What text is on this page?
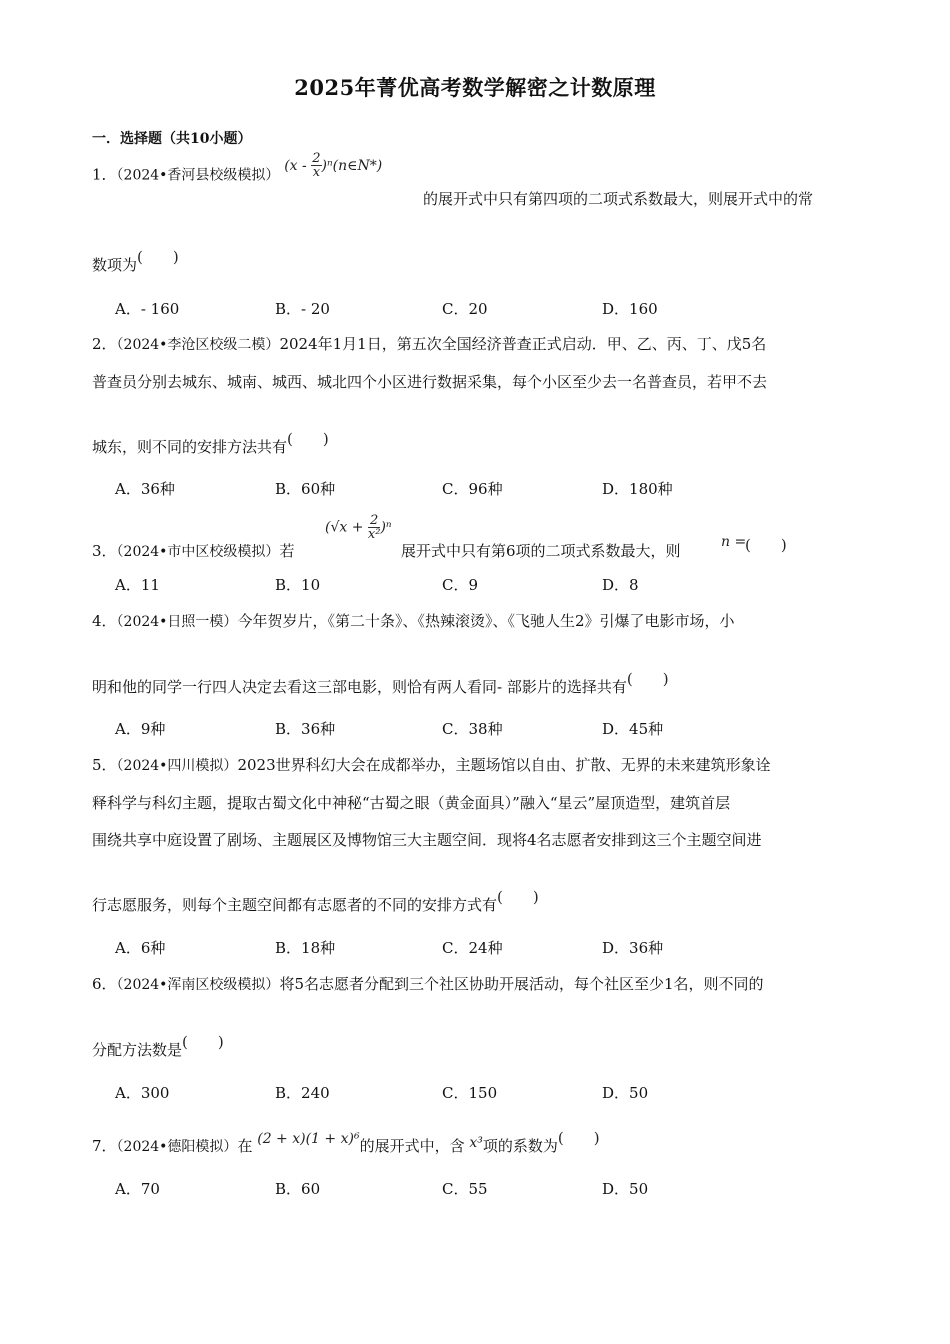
2025年菁优高考数学解密之计数原理
一．选择题（共10小题）
1．（2024•香河县校级模拟） ($x - \frac{2}{x}$ )ⁿ(n∈N*)
的展开式中只有第四项的二项式系数最大，则展开式中的常
数项为(　　)
A．- 160	B．- 20	C．20	D．160
2．（2024•李沧区校级二模）2024年1月1日，第五次全国经济普查正式启动．甲、乙、丙、丁、戊5名
普查员分别去城东、城南、城西、城北四个小区进行数据采集，每个小区至少去一名普查员，若甲不去
城东，则不同的安排方法共有(　　)
A．36种	B．60种	C．96种	D．180种
3．（2024•市中区校级模拟）若
$(√x + \frac{2}{\text{x²}} )^n$
展开式中只有第6项的二项式系数最大，则	n =
(　　)
A．11	B．10	C．9	D．8
4．（2024•日照一模）今年贺岁片，《第二十条》、《热辣滚烫》、《飞驰人生2》引爆了电影市场，小
明和他的同学一行四人决定去看这三部电影，则恰有两人看同- 部影片的选择共有(　　)
A．9种	B．36种	C．38种	D．45种
5．（2024•四川模拟）2023世界科幻大会在成都举办，主题场馆以自由、扩散、无界的未来建筑形象诠
释科学与科幻主题，提取古蜀文化中神秘“古蜀之眼（黄金面具）”融入“星云”屋顶造型，建筑首层
围绕共享中庭设置了剧场、主题展区及博物馆三大主题空间．现将4名志愿者安排到这三个主题空间进
行志愿服务，则每个主题空间都有志愿者的不同的安排方式有(　　)
A．6种	B．18种	C．24种	D．36种
6．（2024•浑南区校级模拟）将5名志愿者分配到三个社区协助开展活动，每个社区至少1名，则不同的
分配方法数是(　　)
A．300	B．240	C．150	D．50
7．（2024•德阳模拟）在 (2 + x)(1 + x)⁶的展开式中，含 x³项的系数为(　　)
A．70	B．60	C．55	D．50
